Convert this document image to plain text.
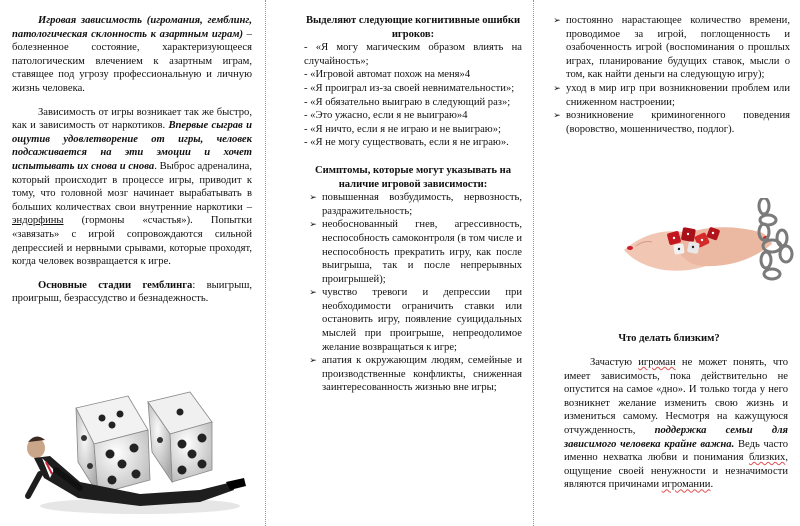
Игровая зависимость (игромания, гемблинг, патологическая склонность к азартным играм) – болезненное состояние, характеризующееся патологическим влечением к азартным играм, ставящее под угрозу профессиональную и личную жизнь человека.

Зависимость от игры возникает так же быстро, как и зависимость от наркотиков. Впервые сыграв и ощутив удовлетворение от игры, человек подсаживается на эти эмоции и хочет испытывать их снова и снова. Выброс адреналина, который происходит в процессе игры, приводит к тому, что головной мозг начинает вырабатывать в больших количествах свои внутренние наркотики – эндорфины (гормоны «счастья»). Попытки «завязать» с игрой сопровождаются сильной депрессией и нервными срывами, которые проходят, когда человек возвращается к игре.

Основные стадии гемблинга: выигрыш, проигрыш, безрассудство и безнадежность.

Выделяют следующие когнитивные ошибки игроков:

- «Я могу магическим образом влиять на случайность»;

- «Игровой автомат похож на меня»4

- «Я проиграл из-за своей невнимательности»;

- «Я обязательно выиграю в следующий раз»;

- «Это ужасно, если я не выиграю»4

- «Я ничто, если я не играю и не выиграю»;

- «Я не могу существовать, если я не играю».

Симптомы, которые могут указывать на наличие игровой зависимости:

➢ повышенная возбудимость, нервозность, раздражительность;
➢ необоснованный гнев, агрессивность, неспособность самоконтроля (в том числе и неспособность прекратить игру, как после выигрыша, так и после непрерывных проигрышей);
➢ чувство тревоги и депрессии при необходимости ограничить ставки или остановить игру, появление суицидальных мыслей при проигрыше, непреодолимое желание возвращаться к игре;
➢ апатия к окружающим людям, семейные и производственные конфликты, сниженная заинтересованность жизнью вне игры;
➢ постоянно нарастающее количество времени, проводимое за игрой, поглощенность и озабоченность игрой (воспоминания о прошлых играх, планирование будущих ставок, мысли о том, как найти деньги на следующую игру);
➢ уход в мир игр при возникновении проблем или сниженном настроении;
➢ возникновение криминогенного поведения (воровство, мошенничество, подлог).

Что делать близким?

Зачастую игроман не может понять, что имеет зависимость, пока действительно не опустится на самое «дно». И только тогда у него возникнет желание изменить свою жизнь и измениться самому. Несмотря на кажущуюся отчужденность, поддержка семьи для зависимого человека крайне важна. Ведь часто именно нехватка любви и понимания близких, ощущение своей ненужности и незначимости являются причинами игромании.
